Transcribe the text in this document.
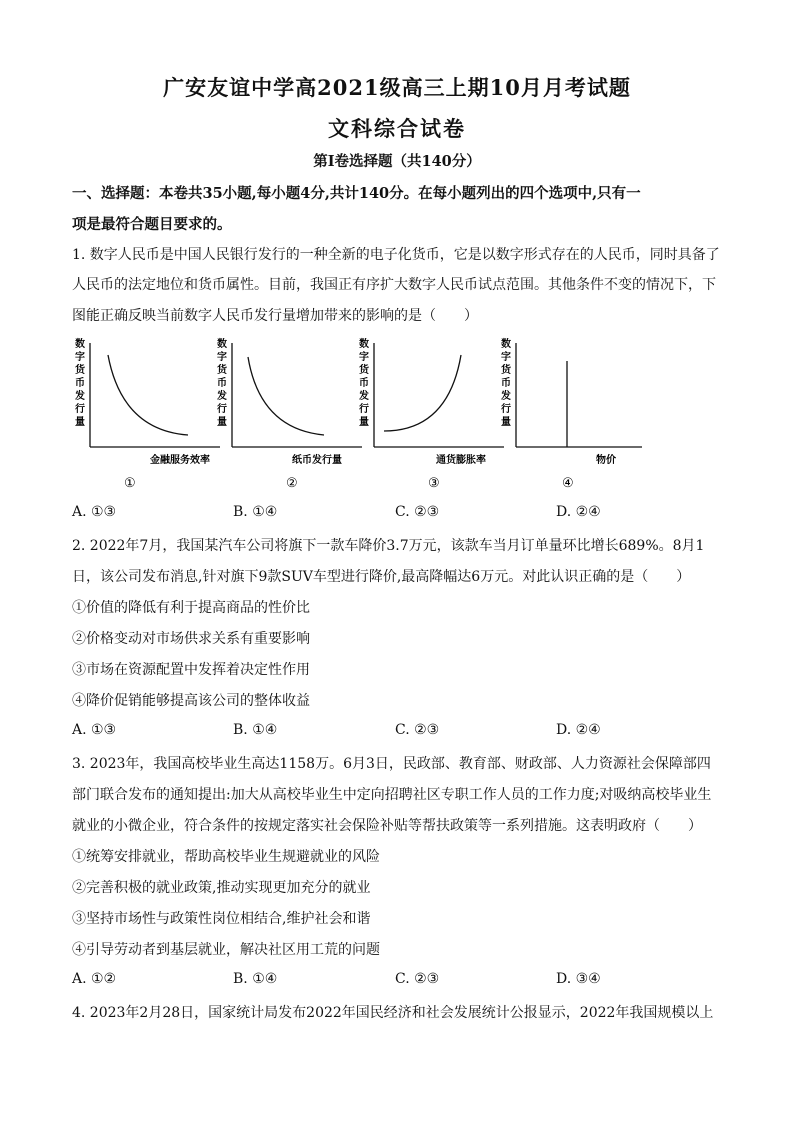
广安友谊中学高2021级高三上期10月月考试题
文科综合试卷
第Ⅰ卷选择题（共140分）
一、选择题：本卷共35小题,每小题4分,共计140分。在每小题列出的四个选项中,只有一
项是最符合题目要求的。
1. 数字人民币是中国人民银行发行的一种全新的电子化货币，它是以数字形式存在的人民币，同时具备了
人民币的法定地位和货币属性。目前，我国正有序扩大数字人民币试点范围。其他条件不变的情况下，下
图能正确反映当前数字人民币发行量增加带来的影响的是（　　）
数字货币发行量
金融服务效率
①
数字货币发行量
纸币发行量
②
数字货币发行量
通货膨胀率
③
数字货币发行量
物价
④
A. ①③	B. ①④	C. ②③	D. ②④
2. 2022年7月，我国某汽车公司将旗下一款车降价3.7万元，该款车当月订单量环比增长689%。8月1
日，该公司发布消息,针对旗下9款SUV车型进行降价,最高降幅达6万元。对此认识正确的是（　　）
①价值的降低有利于提高商品的性价比
②价格变动对市场供求关系有重要影响
③市场在资源配置中发挥着决定性作用
④降价促销能够提高该公司的整体收益
A. ①③	B. ①④	C. ②③	D. ②④
3. 2023年，我国高校毕业生高达1158万。6月3日，民政部、教育部、财政部、人力资源社会保障部四
部门联合发布的通知提出:加大从高校毕业生中定向招聘社区专职工作人员的工作力度;对吸纳高校毕业生
就业的小微企业，符合条件的按规定落实社会保险补贴等帮扶政策等一系列措施。这表明政府（　　）
①统筹安排就业，帮助高校毕业生规避就业的风险
②完善积极的就业政策,推动实现更加充分的就业
③坚持市场性与政策性岗位相结合,维护社会和谐
④引导劳动者到基层就业，解决社区用工荒的问题
A. ①②	B. ①④	C. ②③	D. ③④
4. 2023年2月28日，国家统计局发布2022年国民经济和社会发展统计公报显示，2022年我国规模以上
